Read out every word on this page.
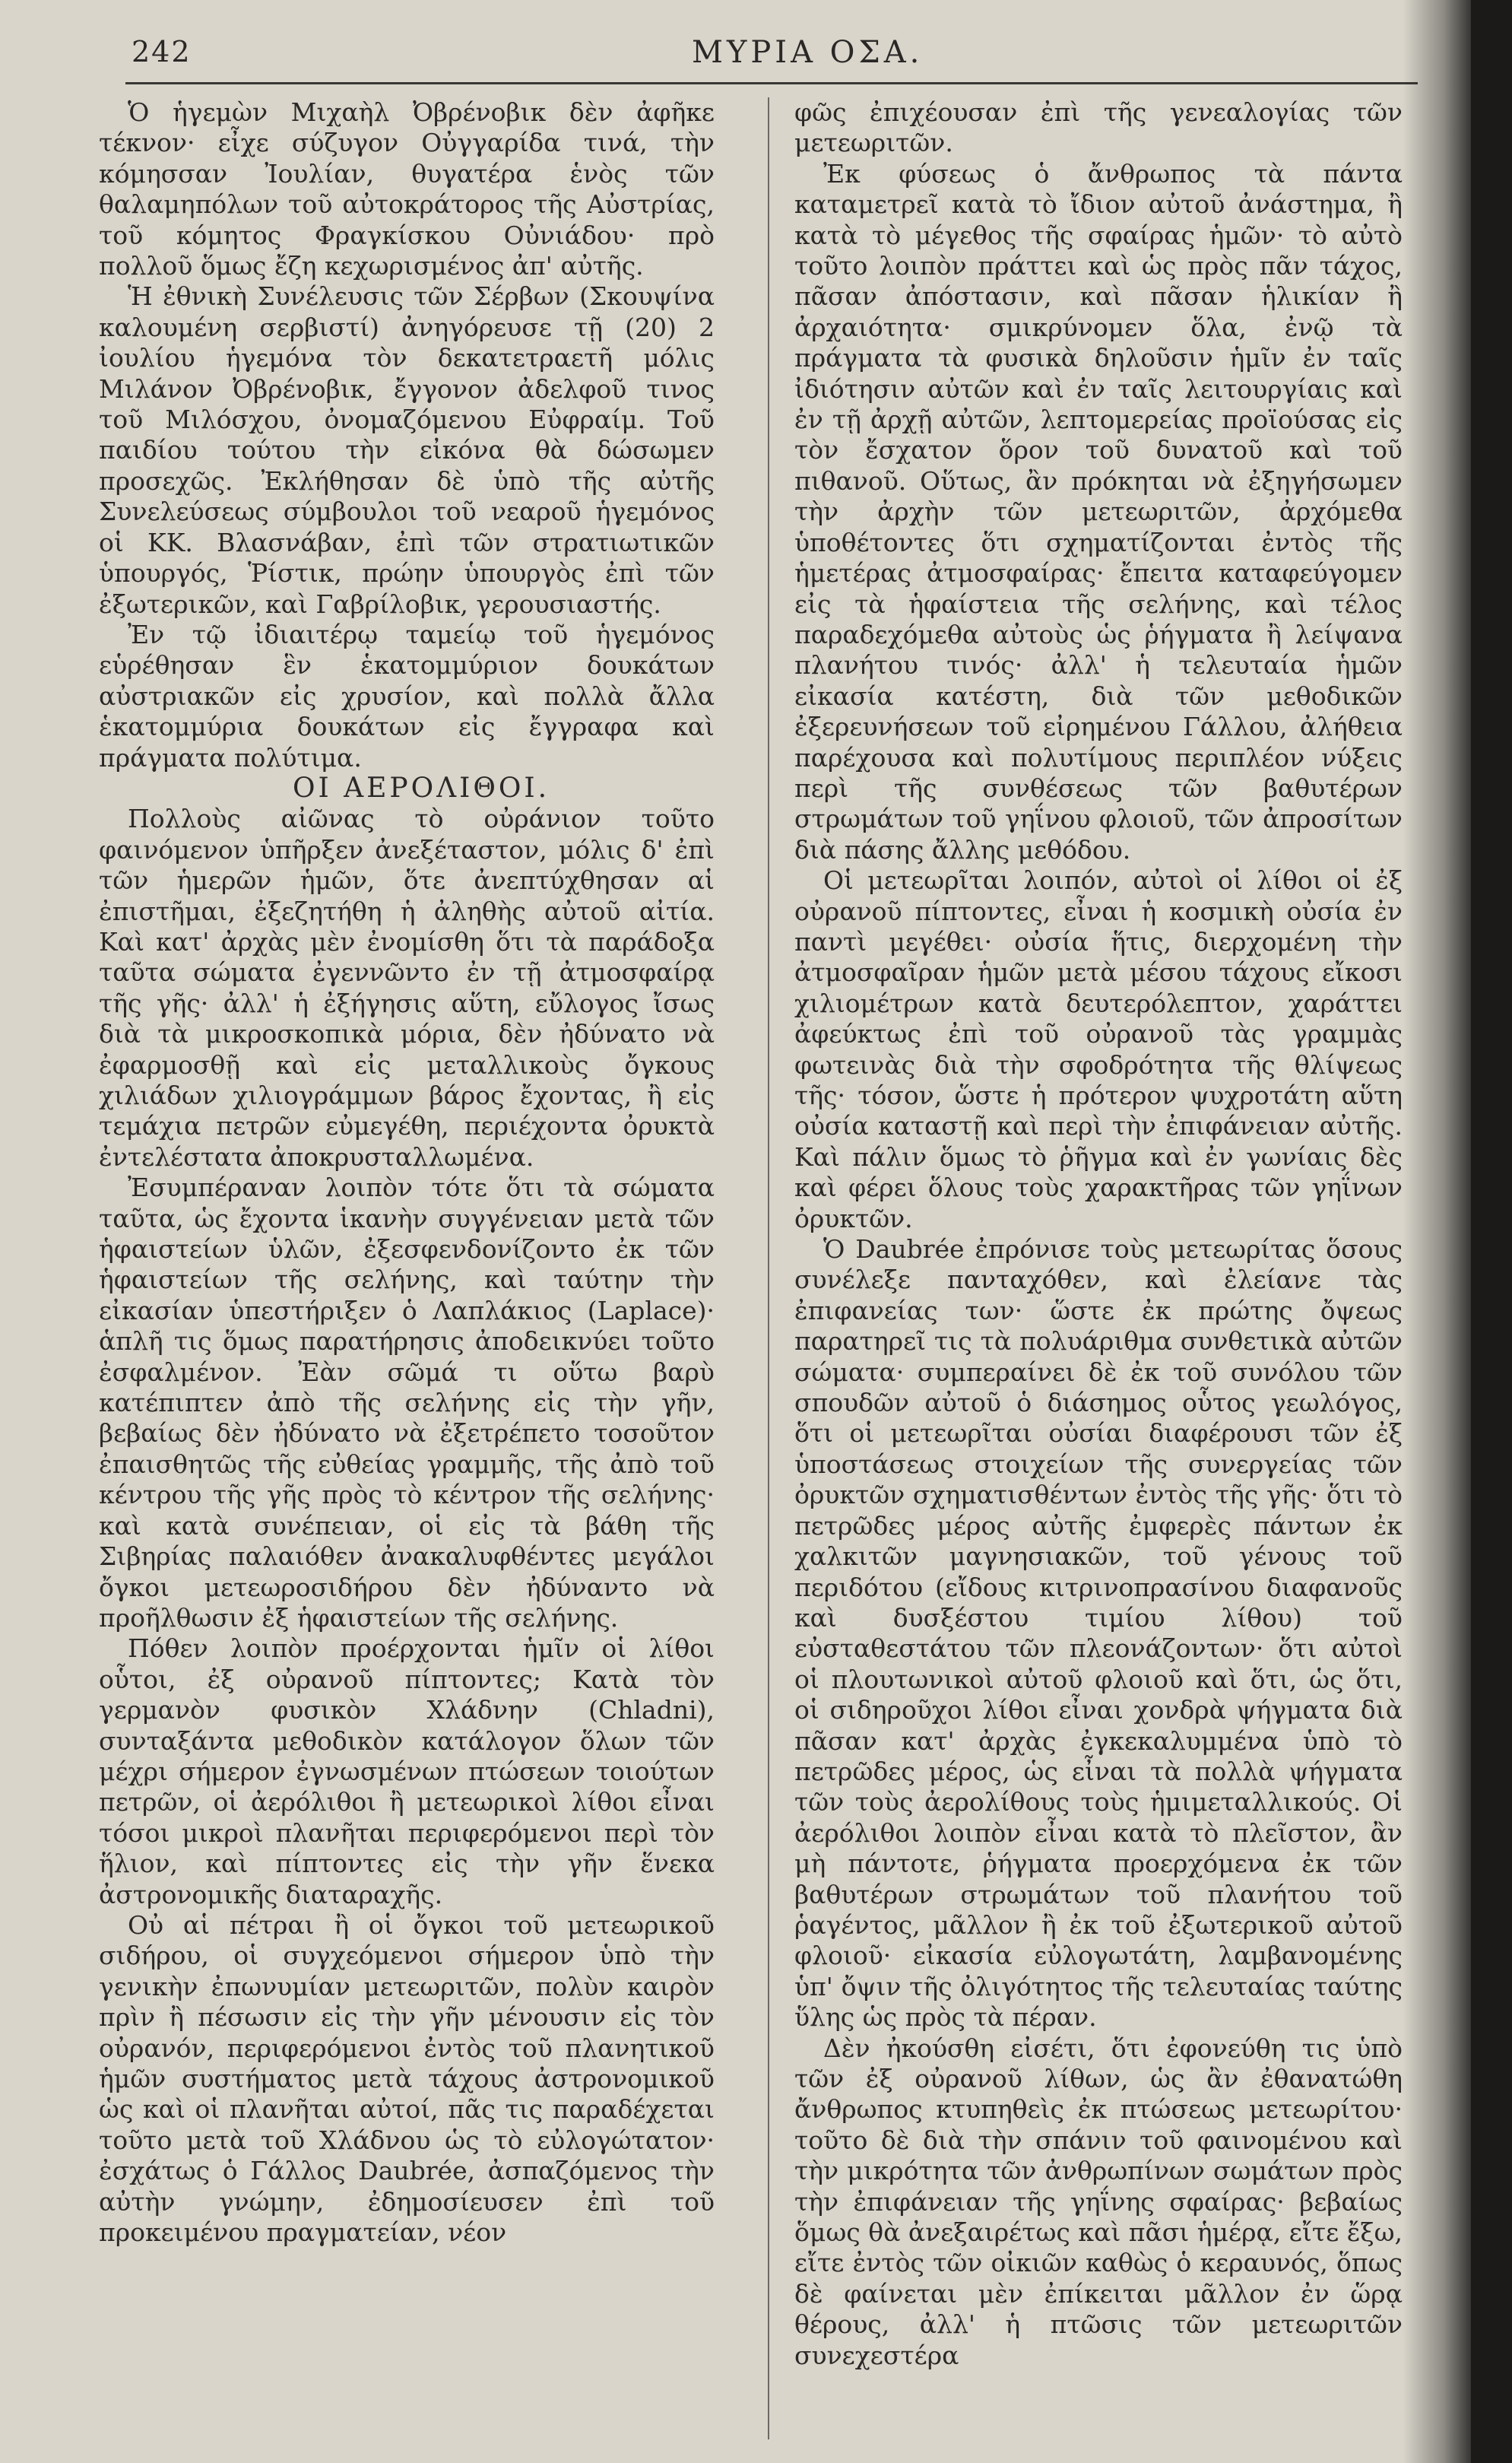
242	ΜΥΡΙΑ ΟΣΑ.

Ὁ ἡγεμὼν Μιχαὴλ Ὀβρένοβικ δὲν ἀφῆκε τέκνον· εἶχε σύζυγον Οὐγγαρίδα τινά, τὴν κόμησσαν Ἰουλίαν, θυγατέρα ἑνὸς τῶν θαλαμηπόλων τοῦ αὐτοκράτορος τῆς Αὐστρίας, τοῦ κόμητος Φραγκίσκου Οὐνιάδου· πρὸ πολλοῦ ὅμως ἔζη κεχωρισμένος ἀπ' αὐτῆς.

Ἡ ἐθνικὴ Συνέλευσις τῶν Σέρβων (Σκουψίνα καλουμένη σερβιστί) ἀνηγόρευσε τῇ (20) 2 ἰουλίου ἡγεμόνα τὸν δεκατετραετῆ μόλις Μιλάνον Ὀβρένοβικ, ἔγγονον ἀδελφοῦ τινος τοῦ Μιλόσχου, ὀνομαζόμενου Εὐφραίμ. Τοῦ παιδίου τούτου τὴν εἰκόνα θὰ δώσωμεν προσεχῶς. Ἐκλήθησαν δὲ ὑπὸ τῆς αὐτῆς Συνελεύσεως σύμβουλοι τοῦ νεαροῦ ἡγεμόνος οἱ ΚΚ. Βλασνάβαν, ἐπὶ τῶν στρατιωτικῶν ὑπουργός, Ῥίστικ, πρώην ὑπουργὸς ἐπὶ τῶν ἐξωτερικῶν, καὶ Γαβρίλοβικ, γερουσιαστής.

Ἐν τῷ ἰδιαιτέρῳ ταμείῳ τοῦ ἡγεμόνος εὑρέθησαν ἓν ἑκατομμύριον δουκάτων αὐστριακῶν εἰς χρυσίον, καὶ πολλὰ ἄλλα ἑκατομμύρια δουκάτων εἰς ἔγγραφα καὶ πράγματα πολύτιμα.

ΟΙ ΑΕΡΟΛΙΘΟΙ.

Πολλοὺς αἰῶνας τὸ οὐράνιον τοῦτο φαινόμενον ὑπῆρξεν ἀνεξέταστον, μόλις δ' ἐπὶ τῶν ἡμερῶν ἡμῶν, ὅτε ἀνεπτύχθησαν αἱ ἐπιστῆμαι, ἐξεζητήθη ἡ ἀληθὴς αὐτοῦ αἰτία. Καὶ κατ' ἀρχὰς μὲν ἐνομίσθη ὅτι τὰ παράδοξα ταῦτα σώματα ἐγεννῶντο ἐν τῇ ἀτμοσφαίρᾳ τῆς γῆς· ἀλλ' ἡ ἐξήγησις αὕτη, εὔλογος ἴσως διὰ τὰ μικροσκοπικὰ μόρια, δὲν ἠδύνατο νὰ ἐφαρμοσθῇ καὶ εἰς μεταλλικοὺς ὄγκους χιλιάδων χιλιογράμμων βάρος ἔχοντας, ἢ εἰς τεμάχια πετρῶν εὐμεγέθη, περιέχοντα ὀρυκτὰ ἐντελέστατα ἀποκρυσταλλωμένα.

Ἐσυμπέραναν λοιπὸν τότε ὅτι τὰ σώματα ταῦτα, ὡς ἔχοντα ἱκανὴν συγγένειαν μετὰ τῶν ἡφαιστείων ὑλῶν, ἐξεσφενδονίζοντο ἐκ τῶν ἡφαιστείων τῆς σελήνης, καὶ ταύτην τὴν εἰκασίαν ὑπεστήριξεν ὁ Λαπλάκιος (Laplace)· ἁπλῆ τις ὅμως παρατήρησις ἀποδεικνύει τοῦτο ἐσφαλμένον. Ἐὰν σῶμά τι οὕτω βαρὺ κατέπιπτεν ἀπὸ τῆς σελήνης εἰς τὴν γῆν, βεβαίως δὲν ἠδύνατο νὰ ἐξετρέπετο τοσοῦτον ἐπαισθητῶς τῆς εὐθείας γραμμῆς, τῆς ἀπὸ τοῦ κέντρου τῆς γῆς πρὸς τὸ κέντρον τῆς σελήνης· καὶ κατὰ συνέπειαν, οἱ εἰς τὰ βάθη τῆς Σιβηρίας παλαιόθεν ἀνακαλυφθέντες μεγάλοι ὄγκοι μετεωροσιδήρου δὲν ἠδύναντο νὰ προῆλθωσιν ἐξ ἡφαιστείων τῆς σελήνης.

Πόθεν λοιπὸν προέρχονται ἡμῖν οἱ λίθοι οὗτοι, ἐξ οὐρανοῦ πίπτοντες; Κατὰ τὸν γερμανὸν φυσικὸν Χλάδνην (Chladni), συνταξάντα μεθοδικὸν κατάλογον ὅλων τῶν μέχρι σήμερον ἐγνωσμένων πτώσεων τοιούτων πετρῶν, οἱ ἀερόλιθοι ἢ μετεωρικοὶ λίθοι εἶναι τόσοι μικροὶ πλανῆται περιφερόμενοι περὶ τὸν ἥλιον, καὶ πίπτοντες εἰς τὴν γῆν ἕνεκα ἀστρονομικῆς διαταραχῆς.

Οὐ αἱ πέτραι ἢ οἱ ὄγκοι τοῦ μετεωρικοῦ σιδήρου, οἱ συγχεόμενοι σήμερον ὑπὸ τὴν γενικὴν ἐπωνυμίαν μετεωριτῶν, πολὺν καιρὸν πρὶν ἢ πέσωσιν εἰς τὴν γῆν μένουσιν εἰς τὸν οὐρανόν, περιφερόμενοι ἐντὸς τοῦ πλανητικοῦ ἡμῶν συστήματος μετὰ τάχους ἀστρονομικοῦ ὡς καὶ οἱ πλανῆται αὐτοί, πᾶς τις παραδέχεται τοῦτο μετὰ τοῦ Χλάδνου ὡς τὸ εὐλογώτατον· ἐσχάτως ὁ Γάλλος Daubrée, ἀσπαζόμενος τὴν αὐτὴν γνώμην, ἐδημοσίευσεν ἐπὶ τοῦ προκειμένου πραγματείαν, νέον

φῶς ἐπιχέουσαν ἐπὶ τῆς γενεαλογίας τῶν μετεωριτῶν.

Ἐκ φύσεως ὁ ἄνθρωπος τὰ πάντα καταμετρεῖ κατὰ τὸ ἴδιον αὐτοῦ ἀνάστημα, ἢ κατὰ τὸ μέγεθος τῆς σφαίρας ἡμῶν· τὸ αὐτὸ τοῦτο λοιπὸν πράττει καὶ ὡς πρὸς πᾶν τάχος, πᾶσαν ἀπόστασιν, καὶ πᾶσαν ἡλικίαν ἢ ἀρχαιότητα· σμικρύνομεν ὅλα, ἐνῷ τὰ πράγματα τὰ φυσικὰ δηλοῦσιν ἡμῖν ἐν ταῖς ἰδιότησιν αὐτῶν καὶ ἐν ταῖς λειτουργίαις καὶ ἐν τῇ ἀρχῇ αὐτῶν, λεπτομερείας προϊούσας εἰς τὸν ἔσχατον ὅρον τοῦ δυνατοῦ καὶ τοῦ πιθανοῦ. Οὕτως, ἂν πρόκηται νὰ ἐξηγήσωμεν τὴν ἀρχὴν τῶν μετεωριτῶν, ἀρχόμεθα ὑποθέτοντες ὅτι σχηματίζονται ἐντὸς τῆς ἡμετέρας ἀτμοσφαίρας· ἔπειτα καταφεύγομεν εἰς τὰ ἡφαίστεια τῆς σελήνης, καὶ τέλος παραδεχόμεθα αὐτοὺς ὡς ῥήγματα ἢ λείψανα πλανήτου τινός· ἀλλ' ἡ τελευταία ἡμῶν εἰκασία κατέστη, διὰ τῶν μεθοδικῶν ἐξερευνήσεων τοῦ εἰρημένου Γάλλου, ἀλήθεια παρέχουσα καὶ πολυτίμους περιπλέον νύξεις περὶ τῆς συνθέσεως τῶν βαθυτέρων στρωμάτων τοῦ γηΐνου φλοιοῦ, τῶν ἀπροσίτων διὰ πάσης ἄλλης μεθόδου.

Οἱ μετεωρῖται λοιπόν, αὐτοὶ οἱ λίθοι οἱ ἐξ οὐρανοῦ πίπτοντες, εἶναι ἡ κοσμικὴ οὐσία ἐν παντὶ μεγέθει· οὐσία ἥτις, διερχομένη τὴν ἀτμοσφαῖραν ἡμῶν μετὰ μέσου τάχους εἴκοσι χιλιομέτρων κατὰ δευτερόλεπτον, χαράττει ἀφεύκτως ἐπὶ τοῦ οὐρανοῦ τὰς γραμμὰς φωτεινὰς διὰ τὴν σφοδρότητα τῆς θλίψεως τῆς· τόσον, ὥστε ἡ πρότερον ψυχροτάτη αὕτη οὐσία καταστῇ καὶ περὶ τὴν ἐπιφάνειαν αὐτῆς. Καὶ πάλιν ὅμως τὸ ῥῆγμα καὶ ἐν γωνίαις δὲς καὶ φέρει ὅλους τοὺς χαρακτῆρας τῶν γηΐνων ὀρυκτῶν.

Ὁ Daubrée ἐπρόνισε τοὺς μετεωρίτας ὅσους συνέλεξε πανταχόθεν, καὶ ἐλείανε τὰς ἐπιφανείας των· ὥστε ἐκ πρώτης ὄψεως παρατηρεῖ τις τὰ πολυάριθμα συνθετικὰ αὐτῶν σώματα· συμπεραίνει δὲ ἐκ τοῦ συνόλου τῶν σπουδῶν αὐτοῦ ὁ διάσημος οὗτος γεωλόγος, ὅτι οἱ μετεωρῖται οὐσίαι διαφέρουσι τῶν ἐξ ὑποστάσεως στοιχείων τῆς συνεργείας τῶν ὀρυκτῶν σχηματισθέντων ἐντὸς τῆς γῆς· ὅτι τὸ πετρῶδες μέρος αὐτῆς ἐμφερὲς πάντων ἐκ χαλκιτῶν μαγνησιακῶν, τοῦ γένους τοῦ περιδότου (εἴδους κιτρινοπρασίνου διαφανοῦς καὶ δυσξέστου τιμίου λίθου) τοῦ εὐσταθεστάτου τῶν πλεονάζοντων· ὅτι αὐτοὶ οἱ πλουτωνικοὶ αὐτοῦ φλοιοῦ καὶ ὅτι, ὡς ὅτι, οἱ σιδηροῦχοι λίθοι εἶναι χονδρὰ ψήγματα διὰ πᾶσαν κατ' ἀρχὰς ἐγκεκαλυμμένα ὑπὸ τὸ πετρῶδες μέρος, ὡς εἶναι τὰ πολλὰ ψήγματα τῶν τοὺς ἀερολίθους τοὺς ἡμιμεταλλικούς. Οἱ ἀερόλιθοι λοιπὸν εἶναι κατὰ τὸ πλεῖστον, ἂν μὴ πάντοτε, ῥήγματα προερχόμενα ἐκ τῶν βαθυτέρων στρωμάτων τοῦ πλανήτου τοῦ ῥαγέντος, μᾶλλον ἢ ἐκ τοῦ ἐξωτερικοῦ αὐτοῦ φλοιοῦ· εἰκασία εὐλογωτάτη, λαμβανομένης ὑπ' ὄψιν τῆς ὀλιγότητος τῆς τελευταίας ταύτης ὕλης ὡς πρὸς τὰ πέραν.

Δὲν ἠκούσθη εἰσέτι, ὅτι ἐφονεύθη τις ὑπὸ τῶν ἐξ οὐρανοῦ λίθων, ὡς ἂν ἐθανατώθη ἄνθρωπος κτυπηθεὶς ἐκ πτώσεως μετεωρίτου· τοῦτο δὲ διὰ τὴν σπάνιν τοῦ φαινομένου καὶ τὴν μικρότητα τῶν ἀνθρωπίνων σωμάτων πρὸς τὴν ἐπιφάνειαν τῆς γηΐνης σφαίρας· βεβαίως ὅμως θὰ ἀνεξαιρέτως καὶ πᾶσι ἡμέρᾳ, εἴτε ἔξω, εἴτε ἐντὸς τῶν οἰκιῶν καθὼς ὁ κεραυνός, ὅπως δὲ φαίνεται μὲν ἐπίκειται μᾶλλον ἐν ὥρᾳ θέρους, ἀλλ' ἡ πτῶσις τῶν μετεωριτῶν συνεχεστέρα
